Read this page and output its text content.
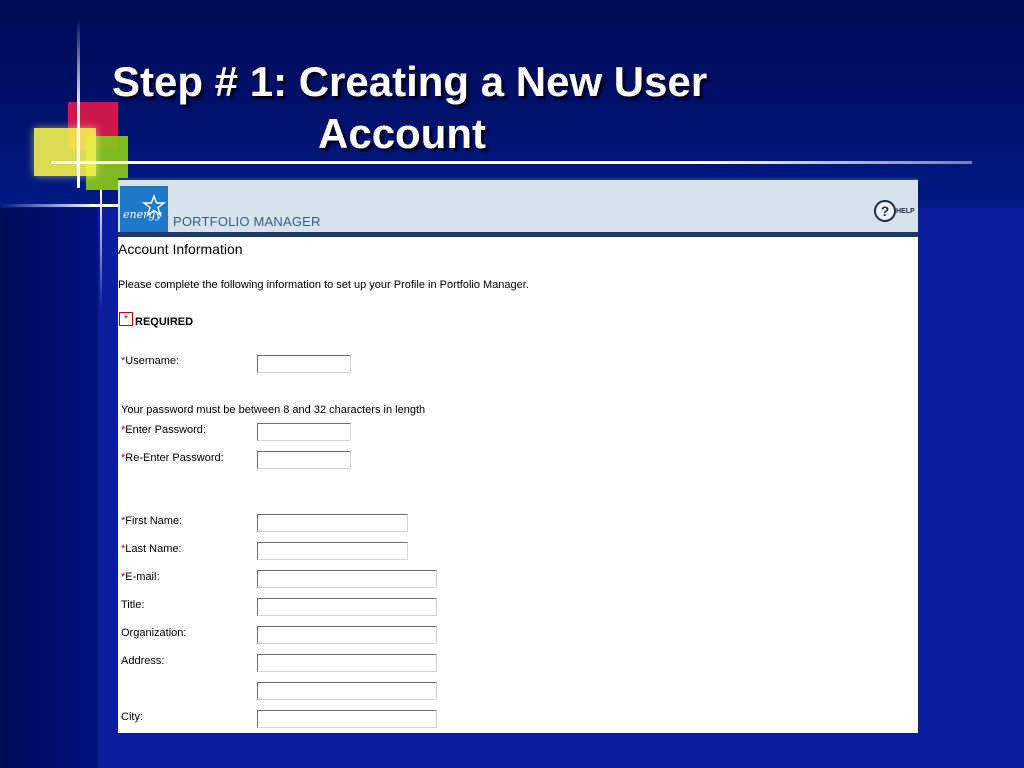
Step # 1: Creating a New User
Account
energy PORTFOLIO MANAGER
? HELP
Account Information
Please complete the following information to set up your Profile in Portfolio Manager.
* REQUIRED
*Username:
Your password must be between 8 and 32 characters in length
*Enter Password:
*Re-Enter Password:
*First Name:
*Last Name:
*E-mail:
Title:
Organization:
Address:
City:
